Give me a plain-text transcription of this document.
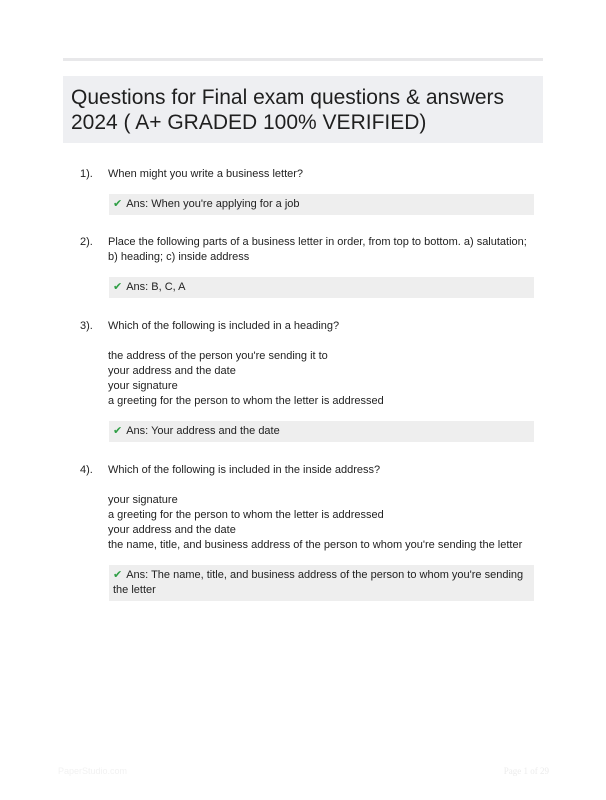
Questions for Final exam questions & answers 2024 ( A+ GRADED 100% VERIFIED)
1). When might you write a business letter?

✔ Ans: When you're applying for a job
2). Place the following parts of a business letter in order, from top to bottom. a) salutation; b) heading; c) inside address

✔ Ans: B, C, A
3). Which of the following is included in a heading?

the address of the person you're sending it to
your address and the date
your signature
a greeting for the person to whom the letter is addressed
✔ Ans: Your address and the date
4). Which of the following is included in the inside address?

your signature
a greeting for the person to whom the letter is addressed
your address and the date
the name, title, and business address of the person to whom you're sending the letter
✔ Ans: The name, title, and business address of the person to whom you're sending the letter
PaperStudio.com	Page 1 of 29
